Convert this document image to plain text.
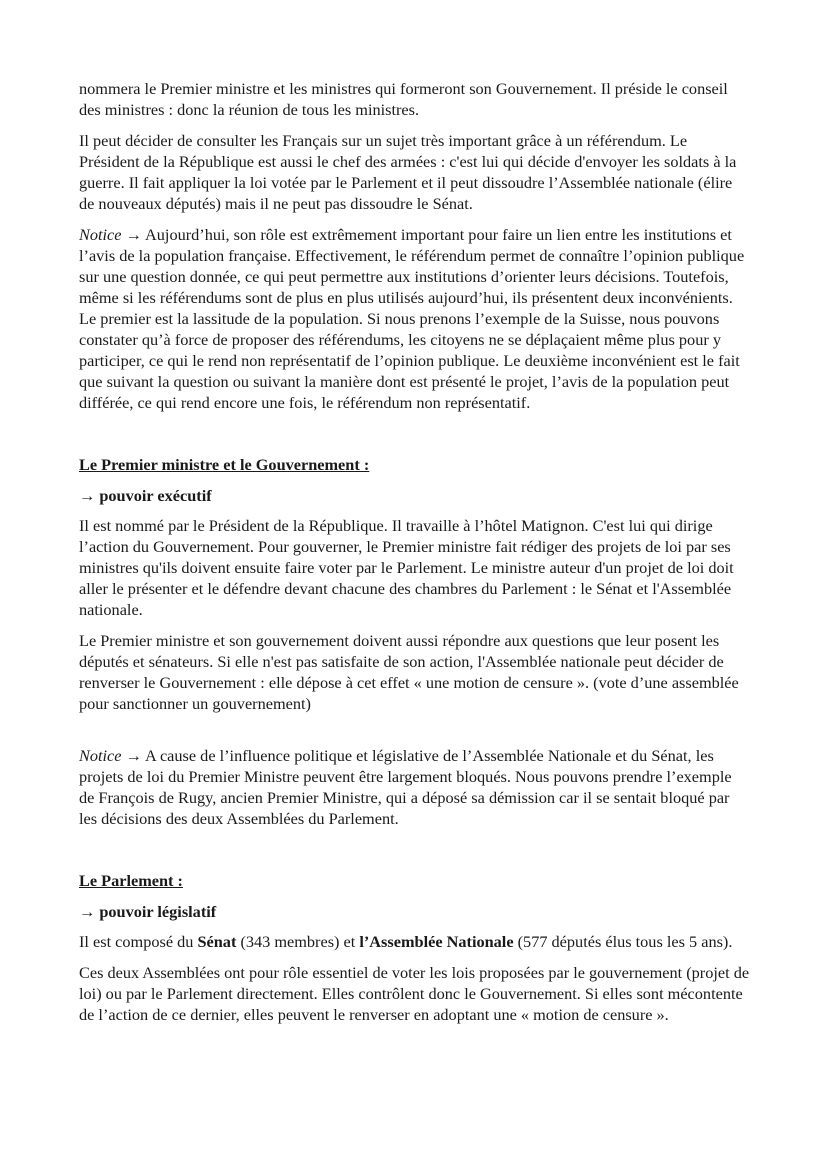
nommera le Premier ministre et les ministres qui formeront son Gouvernement. Il préside le conseil des ministres : donc la réunion de tous les ministres.

Il peut décider de consulter les Français sur un sujet très important grâce à un référendum. Le Président de la République est aussi le chef des armées : c'est lui qui décide d'envoyer les soldats à la guerre. Il fait appliquer la loi votée par le Parlement et il peut dissoudre l’Assemblée nationale (élire de nouveaux députés) mais il ne peut pas dissoudre le Sénat.

Notice → Aujourd’hui, son rôle est extrêmement important pour faire un lien entre les institutions et l’avis de la population française. Effectivement, le référendum permet de connaître l’opinion publique sur une question donnée, ce qui peut permettre aux institutions d’orienter leurs décisions. Toutefois, même si les référendums sont de plus en plus utilisés aujourd’hui, ils présentent deux inconvénients. Le premier est la lassitude de la population. Si nous prenons l’exemple de la Suisse, nous pouvons constater qu’à force de proposer des référendums, les citoyens ne se déplaçaient même plus pour y participer, ce qui le rend non représentatif de l’opinion publique. Le deuxième inconvénient est le fait que suivant la question ou suivant la manière dont est présenté le projet, l’avis de la population peut différée, ce qui rend encore une fois, le référendum non représentatif.

Le Premier ministre et le Gouvernement :

→ pouvoir exécutif

Il est nommé par le Président de la République. Il travaille à l’hôtel Matignon. C'est lui qui dirige l’action du Gouvernement. Pour gouverner, le Premier ministre fait rédiger des projets de loi par ses ministres qu'ils doivent ensuite faire voter par le Parlement. Le ministre auteur d'un projet de loi doit aller le présenter et le défendre devant chacune des chambres du Parlement : le Sénat et l'Assemblée nationale.

Le Premier ministre et son gouvernement doivent aussi répondre aux questions que leur posent les députés et sénateurs. Si elle n'est pas satisfaite de son action, l'Assemblée nationale peut décider de renverser le Gouvernement : elle dépose à cet effet « une motion de censure ». (vote d’une assemblée pour sanctionner un gouvernement)

Notice → A cause de l’influence politique et législative de l’Assemblée Nationale et du Sénat, les projets de loi du Premier Ministre peuvent être largement bloqués. Nous pouvons prendre l’exemple de François de Rugy, ancien Premier Ministre, qui a déposé sa démission car il se sentait bloqué par les décisions des deux Assemblées du Parlement.

Le Parlement :

→ pouvoir législatif

Il est composé du Sénat (343 membres) et l’Assemblée Nationale (577 députés élus tous les 5 ans).

Ces deux Assemblées ont pour rôle essentiel de voter les lois proposées par le gouvernement (projet de loi) ou par le Parlement directement. Elles contrôlent donc le Gouvernement. Si elles sont mécontente de l’action de ce dernier, elles peuvent le renverser en adoptant une « motion de censure ».
